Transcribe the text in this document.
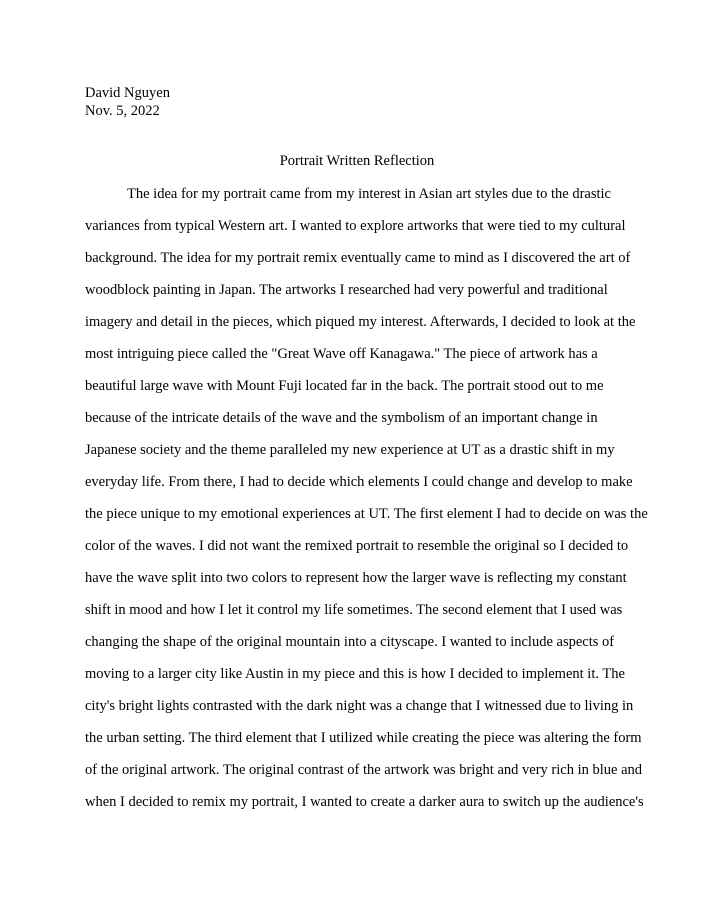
David Nguyen
Nov. 5, 2022
Portrait Written Reflection
The idea for my portrait came from my interest in Asian art styles due to the drastic
variances from typical Western art. I wanted to explore artworks that were tied to my cultural
background. The idea for my portrait remix eventually came to mind as I discovered the art of
woodblock painting in Japan. The artworks I researched had very powerful and traditional
imagery and detail in the pieces, which piqued my interest. Afterwards, I decided to look at the
most intriguing piece called the "Great Wave off Kanagawa." The piece of artwork has a
beautiful large wave with Mount Fuji located far in the back. The portrait stood out to me
because of the intricate details of the wave and the symbolism of an important change in
Japanese society and the theme paralleled my new experience at UT as a drastic shift in my
everyday life. From there, I had to decide which elements I could change and develop to make
the piece unique to my emotional experiences at UT. The first element I had to decide on was the
color of the waves. I did not want the remixed portrait to resemble the original so I decided to
have the wave split into two colors to represent how the larger wave is reflecting my constant
shift in mood and how I let it control my life sometimes. The second element that I used was
changing the shape of the original mountain into a cityscape. I wanted to include aspects of
moving to a larger city like Austin in my piece and this is how I decided to implement it. The
city's bright lights contrasted with the dark night was a change that I witnessed due to living in
the urban setting. The third element that I utilized while creating the piece was altering the form
of the original artwork. The original contrast of the artwork was bright and very rich in blue and
when I decided to remix my portrait, I wanted to create a darker aura to switch up the audience's
